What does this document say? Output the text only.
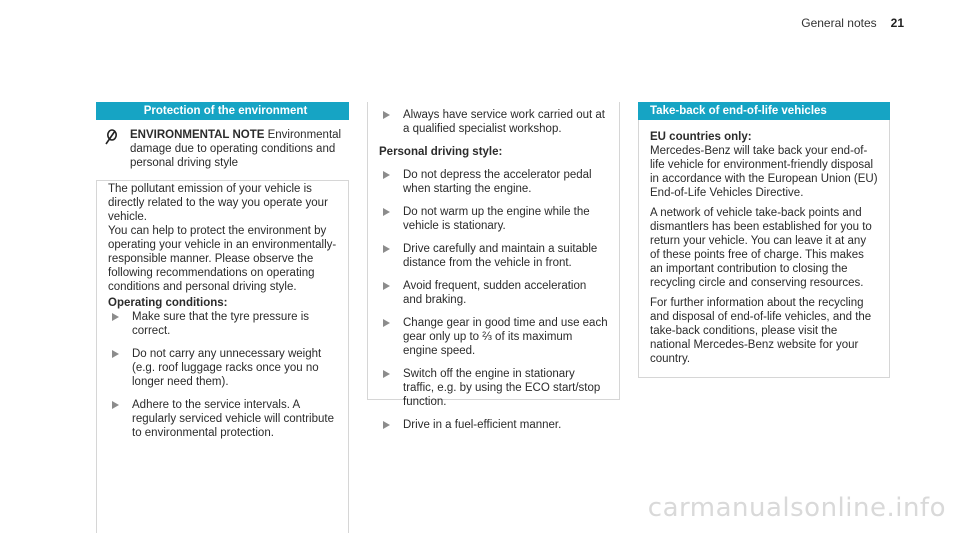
General notes 21
Protection of the environment
ENVIRONMENTAL NOTE Environmental damage due to operating conditions and personal driving style

The pollutant emission of your vehicle is directly related to the way you operate your vehicle.

You can help to protect the environment by operating your vehicle in an environmentally-responsible manner. Please observe the following recommendations on operating conditions and personal driving style.

Operating conditions:

Make sure that the tyre pressure is correct.
Do not carry any unnecessary weight (e.g. roof luggage racks once you no longer need them).
Adhere to the service intervals. A regularly serviced vehicle will contribute to environmental protection.
Always have service work carried out at a qualified specialist workshop.

Personal driving style:

Do not depress the accelerator pedal when starting the engine.
Do not warm up the engine while the vehicle is stationary.
Drive carefully and maintain a suitable distance from the vehicle in front.
Avoid frequent, sudden acceleration and braking.
Change gear in good time and use each gear only up to ⅔ of its maximum engine speed.
Switch off the engine in stationary traffic, e.g. by using the ECO start/stop function.
Drive in a fuel-efficient manner.
Take-back of end-of-life vehicles

EU countries only:

Mercedes-Benz will take back your end-of-life vehicle for environment-friendly disposal in accordance with the European Union (EU) End-of-Life Vehicles Directive.

A network of vehicle take-back points and dismantlers has been established for you to return your vehicle. You can leave it at any of these points free of charge. This makes an important contribution to closing the recycling circle and conserving resources.

For further information about the recycling and disposal of end-of-life vehicles, and the take-back conditions, please visit the national Mercedes-Benz website for your country.

carmanualsonline.info
